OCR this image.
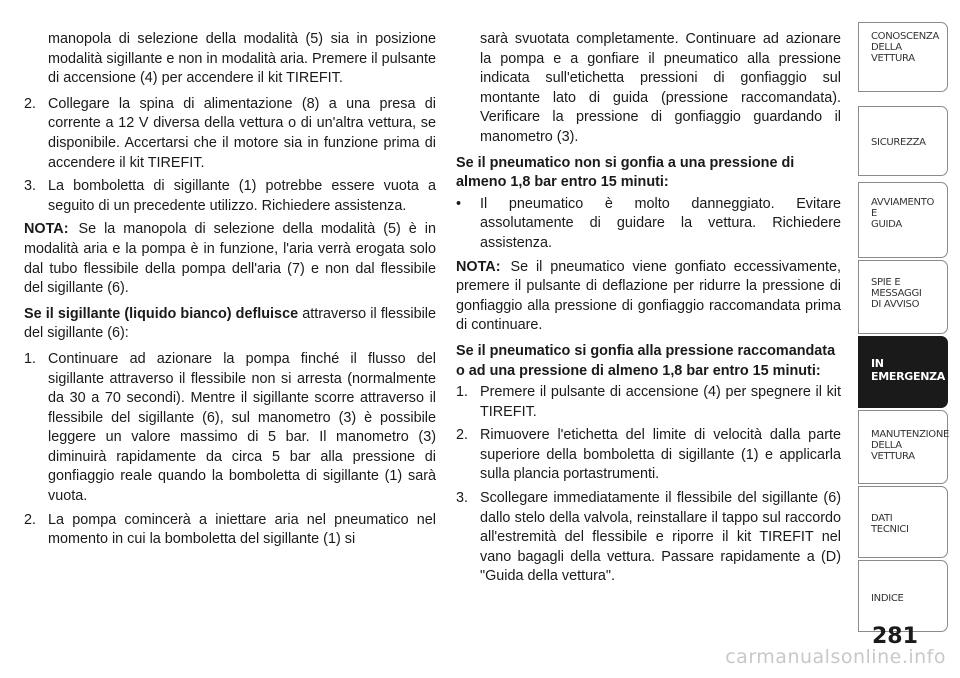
manopola di selezione della modalità (5) sia in posizione modalità sigillante e non in modalità aria. Premere il pulsante di accensione (4) per accendere il kit TIREFIT.

2. Collegare la spina di alimentazione (8) a una presa di corrente a 12 V diversa della vettura o di un'altra vettura, se disponibile. Accertarsi che il motore sia in funzione prima di accendere il kit TIREFIT.
3. La bomboletta di sigillante (1) potrebbe essere vuota a seguito di un precedente utilizzo. Richiedere assistenza.

NOTA: Se la manopola di selezione della modalità (5) è in modalità aria e la pompa è in funzione, l'aria verrà erogata solo dal tubo flessibile della pompa dell'aria (7) e non dal flessibile del sigillante (6).

Se il sigillante (liquido bianco) defluisce attraverso il flessibile del sigillante (6):

1. Continuare ad azionare la pompa finché il flusso del sigillante attraverso il flessibile non si arresta (normalmente da 30 a 70 secondi). Mentre il sigillante scorre attraverso il flessibile del sigillante (6), sul manometro (3) è possibile leggere un valore massimo di 5 bar. Il manometro (3) diminuirà rapidamente da circa 5 bar alla pressione di gonfiaggio reale quando la bomboletta di sigillante (1) sarà vuota.
2. La pompa comincerà a iniettare aria nel pneumatico nel momento in cui la bomboletta del sigillante (1) si

sarà svuotata completamente. Continuare ad azionare la pompa e a gonfiare il pneumatico alla pressione indicata sull'etichetta pressioni di gonfiaggio sul montante lato di guida (pressione raccomandata). Verificare la pressione di gonfiaggio guardando il manometro (3).

Se il pneumatico non si gonfia a una pressione di almeno 1,8 bar entro 15 minuti:
•	Il pneumatico è molto danneggiato. Evitare assolutamente di guidare la vettura. Richiedere assistenza.

NOTA: Se il pneumatico viene gonfiato eccessivamente, premere il pulsante di deflazione per ridurre la pressione di gonfiaggio alla pressione di gonfiaggio raccomandata prima di continuare.

Se il pneumatico si gonfia alla pressione raccomandata o ad una pressione di almeno 1,8 bar entro 15 minuti:
1. Premere il pulsante di accensione (4) per spegnere il kit TIREFIT.
2. Rimuovere l'etichetta del limite di velocità dalla parte superiore della bomboletta di sigillante (1) e applicarla sulla plancia portastrumenti.
3. Scollegare immediatamente il flessibile del sigillante (6) dallo stelo della valvola, reinstallare il tappo sul raccordo all'estremità del flessibile e riporre il kit TIREFIT nel vano bagagli della vettura. Passare rapidamente a (D) "Guida della vettura".
CONOSCENZA
DELLA
VETTURA
SICUREZZA
AVVIAMENTO
E
GUIDA
SPIE E
MESSAGGI
DI AVVISO
IN
EMERGENZA
MANUTENZIONE
DELLA
VETTURA
DATI
TECNICI
INDICE
281
carmanualsonline.info
